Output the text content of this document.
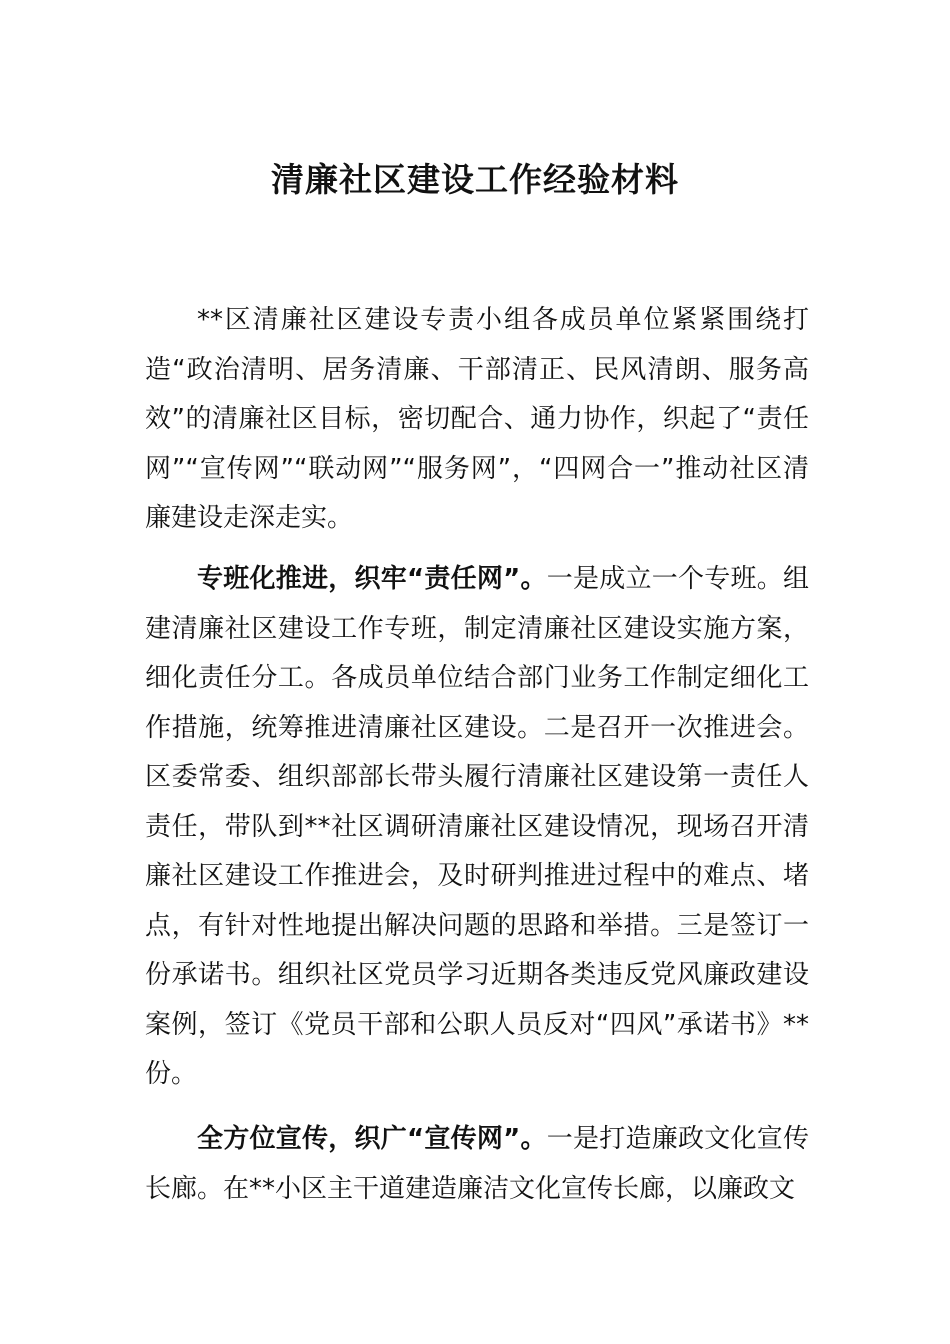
清廉社区建设工作经验材料

**区清廉社区建设专责小组各成员单位紧紧围绕打造“政治清明、居务清廉、干部清正、民风清朗、服务高效”的清廉社区目标，密切配合、通力协作，织起了“责任网”“宣传网”“联动网”“服务网”，“四网合一”推动社区清廉建设走深走实。

专班化推进，织牢“责任网”。一是成立一个专班。组建清廉社区建设工作专班，制定清廉社区建设实施方案，细化责任分工。各成员单位结合部门业务工作制定细化工作措施，统筹推进清廉社区建设。二是召开一次推进会。区委常委、组织部部长带头履行清廉社区建设第一责任人责任，带队到**社区调研清廉社区建设情况，现场召开清廉社区建设工作推进会，及时研判推进过程中的难点、堵点，有针对性地提出解决问题的思路和举措。三是签订一份承诺书。组织社区党员学习近期各类违反党风廉政建设案例，签订《党员干部和公职人员反对“四风”承诺书》**份。

全方位宣传，织广“宣传网”。一是打造廉政文化宣传长廊。在**小区主干道建造廉洁文化宣传长廊，以廉政文
